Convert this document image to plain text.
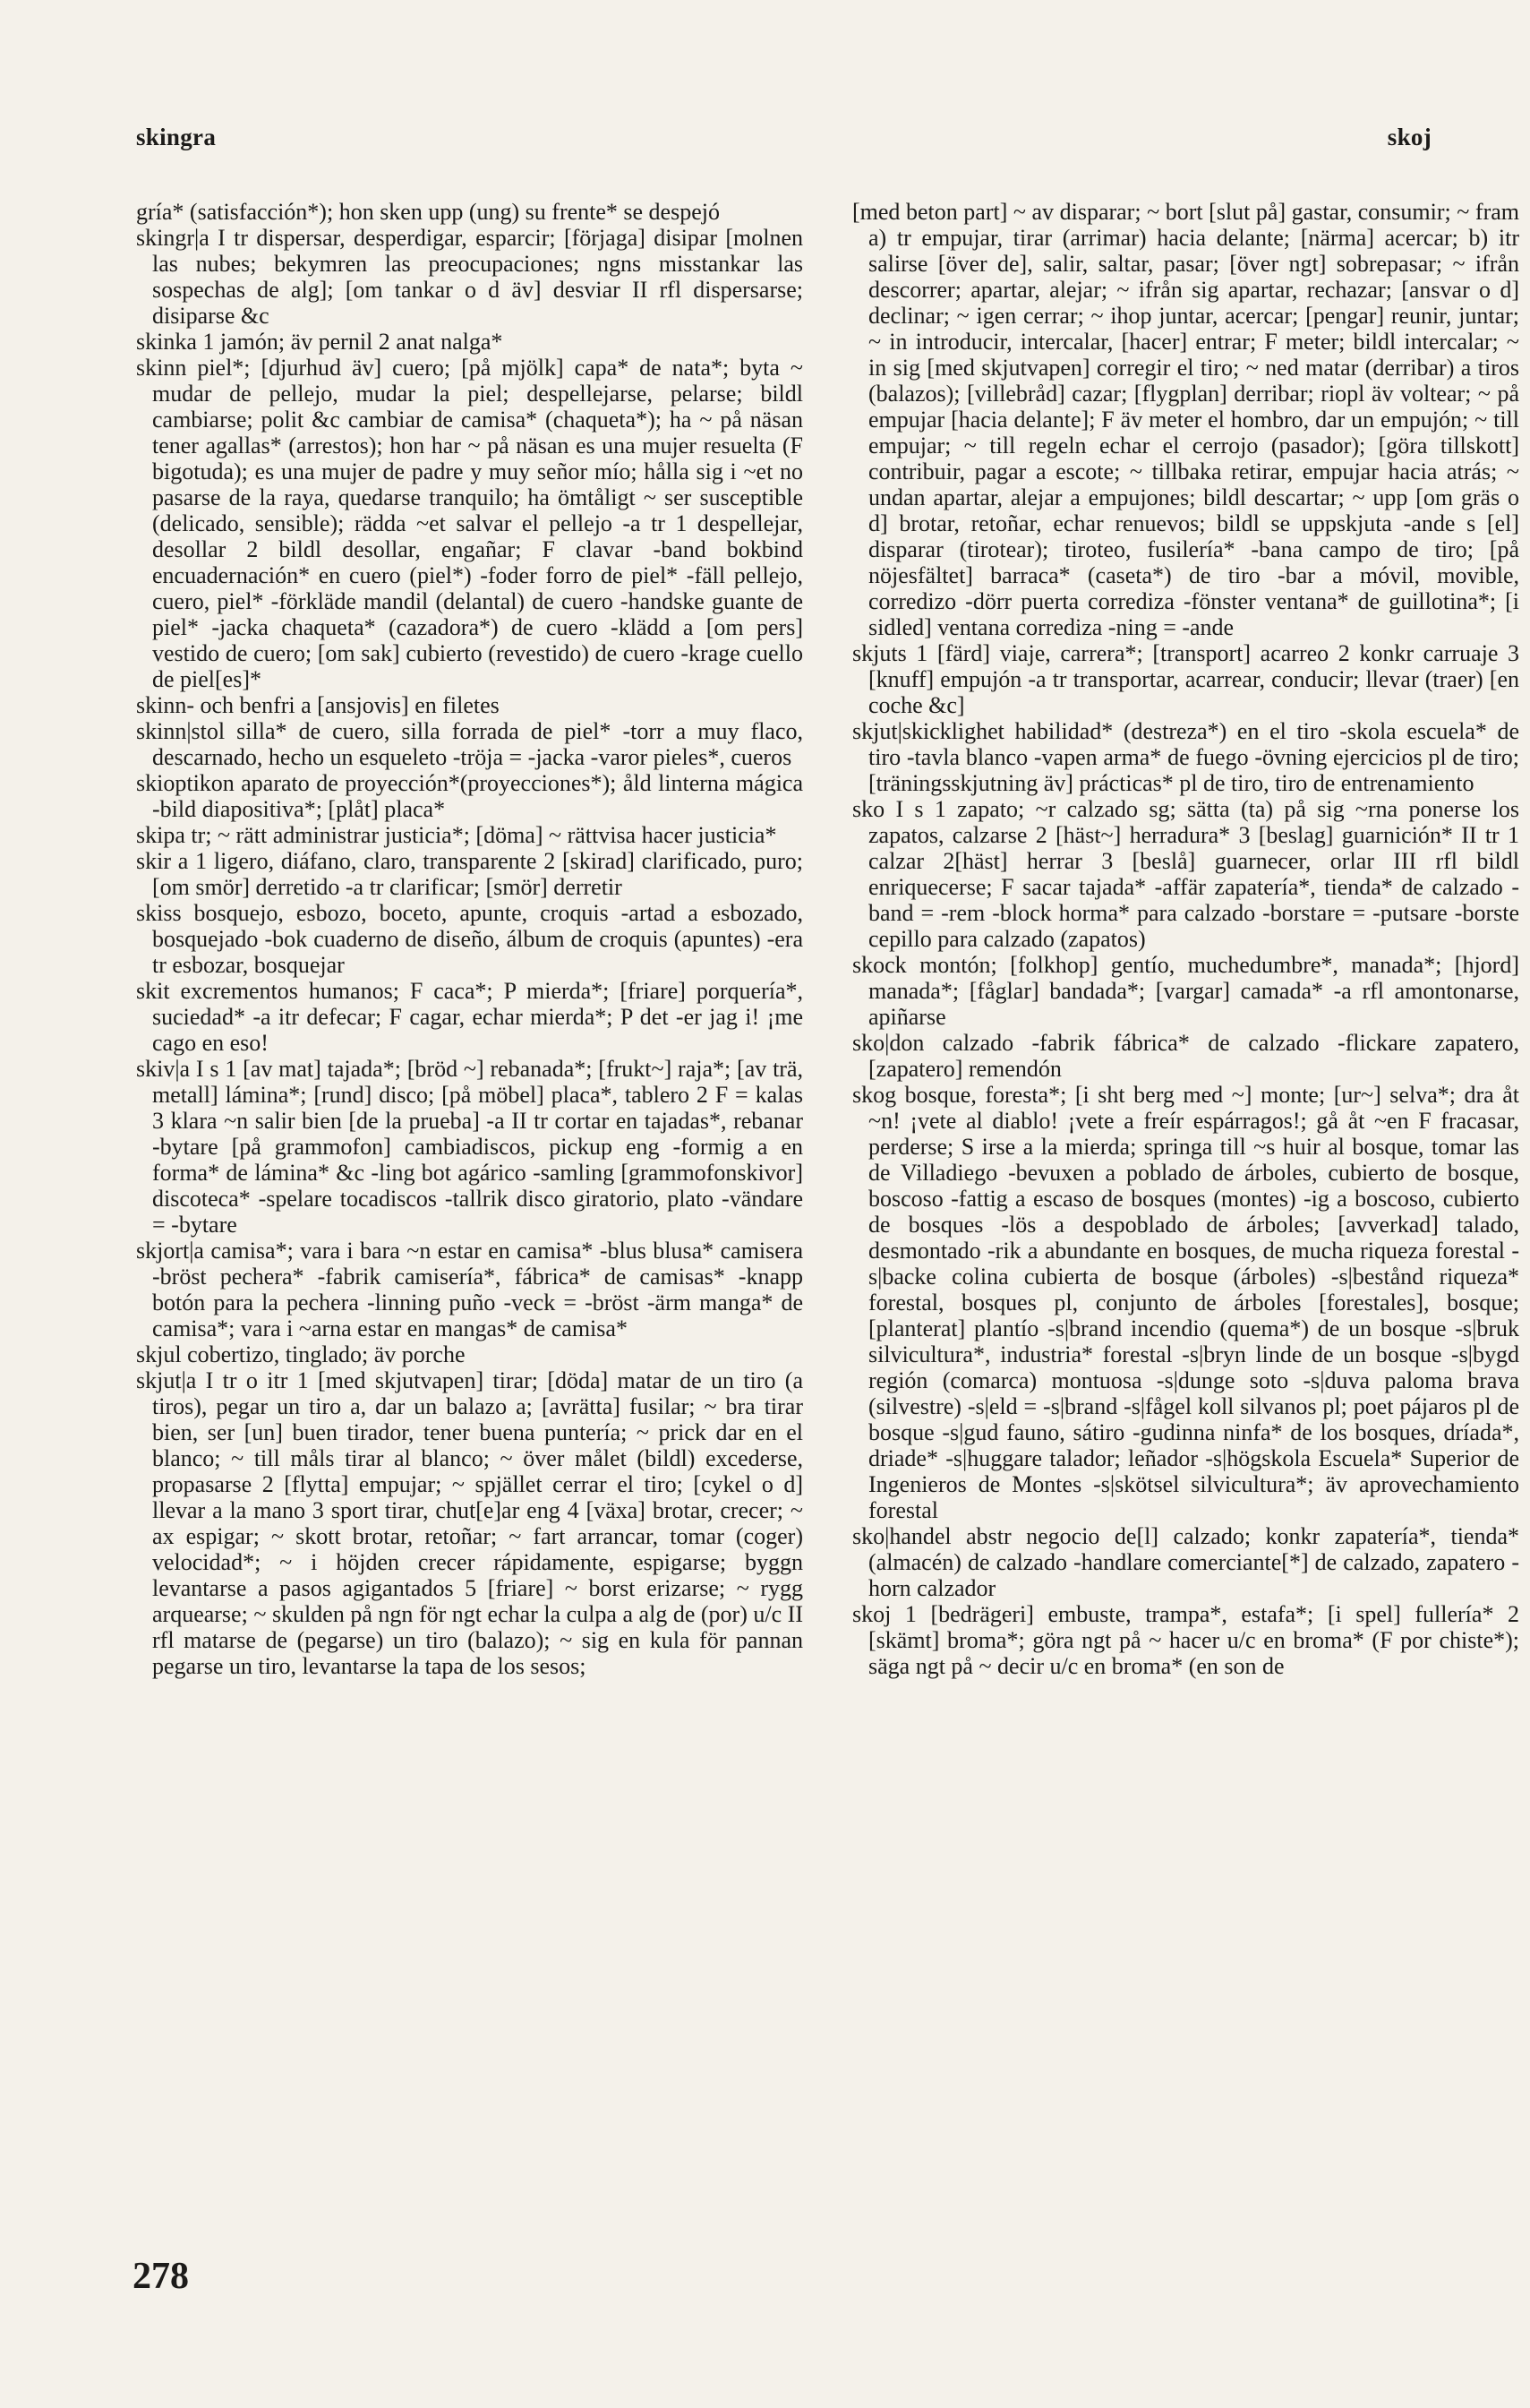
skingra	skoj

gría* (satisfacción*); hon sken upp (ung) su frente* se despejó

skingr|a I tr dispersar, desperdigar, esparcir; [förjaga] disipar [molnen las nubes; bekymren las preocupaciones; ngns misstankar las sospechas de alg]; [om tankar o d äv] desviar II rfl dispersarse; disiparse &c

skinka 1 jamón; äv pernil 2 anat nalga*

skinn piel*; [djurhud äv] cuero; [på mjölk] capa* de nata*; byta ~ mudar de pellejo, mudar la piel; despellejarse, pelarse; bildl cambiarse; polit &c cambiar de camisa* (chaqueta*); ha ~ på näsan tener agallas* (arrestos); hon har ~ på näsan es una mujer resuelta (F bigotuda); es una mujer de padre y muy señor mío; hålla sig i ~et no pasarse de la raya, quedarse tranquilo; ha ömtåligt ~ ser susceptible (delicado, sensible); rädda ~et salvar el pellejo -a tr 1 despellejar, desollar 2 bildl desollar, engañar; F clavar -band bokbind encuadernación* en cuero (piel*) -foder forro de piel* -fäll pellejo, cuero, piel* -förkläde mandil (delantal) de cuero -handske guante de piel* -jacka chaqueta* (cazadora*) de cuero -klädd a [om pers] vestido de cuero; [om sak] cubierto (revestido) de cuero -krage cuello de piel[es]*

skinn- och benfri a [ansjovis] en filetes

skinn|stol silla* de cuero, silla forrada de piel* -torr a muy flaco, descarnado, hecho un esqueleto -tröja = -jacka -varor pieles*, cueros

skioptikon aparato de proyección*(proyecciones*); åld linterna mágica -bild diapositiva*; [plåt] placa*

skipa tr; ~ rätt administrar justicia*; [döma] ~ rättvisa hacer justicia*

skir a 1 ligero, diáfano, claro, transparente 2 [skirad] clarificado, puro; [om smör] derretido -a tr clarificar; [smör] derretir

skiss bosquejo, esbozo, boceto, apunte, croquis -artad a esbozado, bosquejado -bok cuaderno de diseño, álbum de croquis (apuntes) -era tr esbozar, bosquejar

skit excrementos humanos; F caca*; P mierda*; [friare] porquería*, suciedad* -a itr defecar; F cagar, echar mierda*; P det -er jag i! ¡me cago en eso!

skiv|a I s 1 [av mat] tajada*; [bröd ~] rebanada*; [frukt~] raja*; [av trä, metall] lámina*; [rund] disco; [på möbel] placa*, tablero 2 F = kalas 3 klara ~n salir bien [de la prueba] -a II tr cortar en tajadas*, rebanar -bytare [på grammofon] cambiadiscos, pickup eng -formig a en forma* de lámina* &c -ling bot agárico -samling [grammofonskivor] discoteca* -spelare tocadiscos -tallrik disco giratorio, plato -vändare = -bytare

skjort|a camisa*; vara i bara ~n estar en camisa* -blus blusa* camisera -bröst pechera* -fabrik camisería*, fábrica* de camisas* -knapp botón para la pechera -linning puño -veck = -bröst -ärm manga* de camisa*; vara i ~arna estar en mangas* de camisa*

skjul cobertizo, tinglado; äv porche

skjut|a I tr o itr 1 [med skjutvapen] tirar; [döda] matar de un tiro (a tiros), pegar un tiro a, dar un balazo a; [avrätta] fusilar; ~ bra tirar bien, ser [un] buen tirador, tener buena puntería; ~ prick dar en el blanco; ~ till måls tirar al blanco; ~ över målet (bildl) excederse, propasarse 2 [flytta] empujar; ~ spjället cerrar el tiro; [cykel o d] llevar a la mano 3 sport tirar, chut[e]ar eng 4 [växa] brotar, crecer; ~ ax espigar; ~ skott brotar, retoñar; ~ fart arrancar, tomar (coger) velocidad*; ~ i höjden crecer rápidamente, espigarse; byggn levantarse a pasos agigantados 5 [friare] ~ borst erizarse; ~ rygg arquearse; ~ skulden på ngn för ngt echar la culpa a alg de (por) u/c II rfl matarse de (pegarse) un tiro (balazo); ~ sig en kula för pannan pegarse un tiro, levantarse la tapa de los sesos;

[med beton part] ~ av disparar; ~ bort [slut på] gastar, consumir; ~ fram a) tr empujar, tirar (arrimar) hacia delante; [närma] acercar; b) itr salirse [över de], salir, saltar, pasar; [över ngt] sobrepasar; ~ ifrån descorrer; apartar, alejar; ~ ifrån sig apartar, rechazar; [ansvar o d] declinar; ~ igen cerrar; ~ ihop juntar, acercar; [pengar] reunir, juntar; ~ in introducir, intercalar, [hacer] entrar; F meter; bildl intercalar; ~ in sig [med skjutvapen] corregir el tiro; ~ ned matar (derribar) a tiros (balazos); [villebråd] cazar; [flygplan] derribar; riopl äv voltear; ~ på empujar [hacia delante]; F äv meter el hombro, dar un empujón; ~ till empujar; ~ till regeln echar el cerrojo (pasador); [göra tillskott] contribuir, pagar a escote; ~ tillbaka retirar, empujar hacia atrás; ~ undan apartar, alejar a empujones; bildl descartar; ~ upp [om gräs o d] brotar, retoñar, echar renuevos; bildl se uppskjuta -ande s [el] disparar (tirotear); tiroteo, fusilería* -bana campo de tiro; [på nöjesfältet] barraca* (caseta*) de tiro -bar a móvil, movible, corredizo -dörr puerta corrediza -fönster ventana* de guillotina*; [i sidled] ventana corrediza -ning = -ande

skjuts 1 [färd] viaje, carrera*; [transport] acarreo 2 konkr carruaje 3 [knuff] empujón -a tr transportar, acarrear, conducir; llevar (traer) [en coche &c]

skjut|skicklighet habilidad* (destreza*) en el tiro -skola escuela* de tiro -tavla blanco -vapen arma* de fuego -övning ejercicios pl de tiro; [träningsskjutning äv] prácticas* pl de tiro, tiro de entrenamiento

sko I s 1 zapato; ~r calzado sg; sätta (ta) på sig ~rna ponerse los zapatos, calzarse 2 [häst~] herradura* 3 [beslag] guarnición* II tr 1 calzar 2[häst] herrar 3 [beslå] guarnecer, orlar III rfl bildl enriquecerse; F sacar tajada* -affär zapatería*, tienda* de calzado -band = -rem -block horma* para calzado -borstare = -putsare -borste cepillo para calzado (zapatos)

skock montón; [folkhop] gentío, muchedumbre*, manada*; [hjord] manada*; [fåglar] bandada*; [vargar] camada* -a rfl amontonarse, apiñarse

sko|don calzado -fabrik fábrica* de calzado -flickare zapatero, [zapatero] remendón

skog bosque, foresta*; [i sht berg med ~] monte; [ur~] selva*; dra åt ~n! ¡vete al diablo! ¡vete a freír espárragos!; gå åt ~en F fracasar, perderse; S irse a la mierda; springa till ~s huir al bosque, tomar las de Villadiego -bevuxen a poblado de árboles, cubierto de bosque, boscoso -fattig a escaso de bosques (montes) -ig a boscoso, cubierto de bosques -lös a despoblado de árboles; [avverkad] talado, desmontado -rik a abundante en bosques, de mucha riqueza forestal -s|backe colina cubierta de bosque (árboles) -s|bestånd riqueza* forestal, bosques pl, conjunto de árboles [forestales], bosque; [planterat] plantío -s|brand incendio (quema*) de un bosque -s|bruk silvicultura*, industria* forestal -s|bryn linde de un bosque -s|bygd región (comarca) montuosa -s|dunge soto -s|duva paloma brava (silvestre) -s|eld = -s|brand -s|fågel koll silvanos pl; poet pájaros pl de bosque -s|gud fauno, sátiro -gudinna ninfa* de los bosques, dríada*, driade* -s|huggare talador; leñador -s|högskola Escuela* Superior de Ingenieros de Montes -s|skötsel silvicultura*; äv aprovechamiento forestal

sko|handel abstr negocio de[l] calzado; konkr zapatería*, tienda* (almacén) de calzado -handlare comerciante[*] de calzado, zapatero -horn calzador

skoj 1 [bedrägeri] embuste, trampa*, estafa*; [i spel] fullería* 2 [skämt] broma*; göra ngt på ~ hacer u/c en broma* (F por chiste*); säga ngt på ~ decir u/c en broma* (en son de

278
